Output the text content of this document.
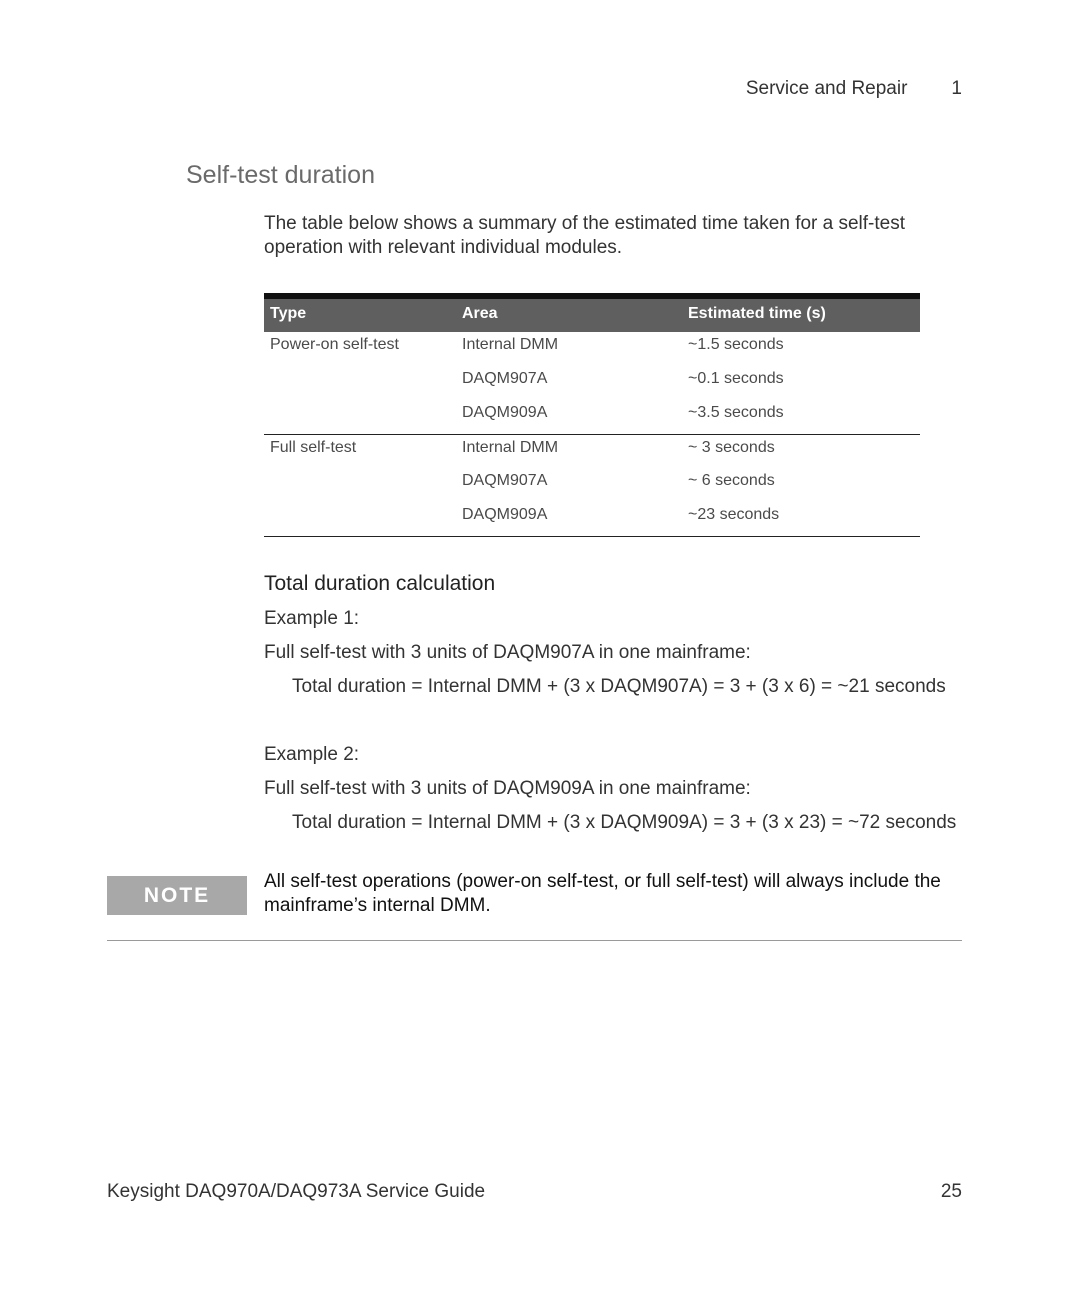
Service and Repair 1
Self-test duration

The table below shows a summary of the estimated time taken for a self-test operation with relevant individual modules.

Type	Area	Estimated time (s)
Power-on self-test	Internal DMM	~1.5 seconds
	DAQM907A	~0.1 seconds
	DAQM909A	~3.5 seconds
Full self-test	Internal DMM	~ 3 seconds
	DAQM907A	~ 6 seconds
	DAQM909A	~23 seconds
Total duration calculation

Example 1:

Full self-test with 3 units of DAQM907A in one mainframe:

Total duration = Internal DMM + (3 x DAQM907A) = 3 + (3 x 6) = ~21 seconds

Example 2:

Full self-test with 3 units of DAQM909A in one mainframe:

Total duration = Internal DMM + (3 x DAQM909A) = 3 + (3 x 23) = ~72 seconds

NOTE

All self-test operations (power-on self-test, or full self-test) will always include the mainframe’s internal DMM.

Keysight DAQ970A/DAQ973A Service Guide	25
